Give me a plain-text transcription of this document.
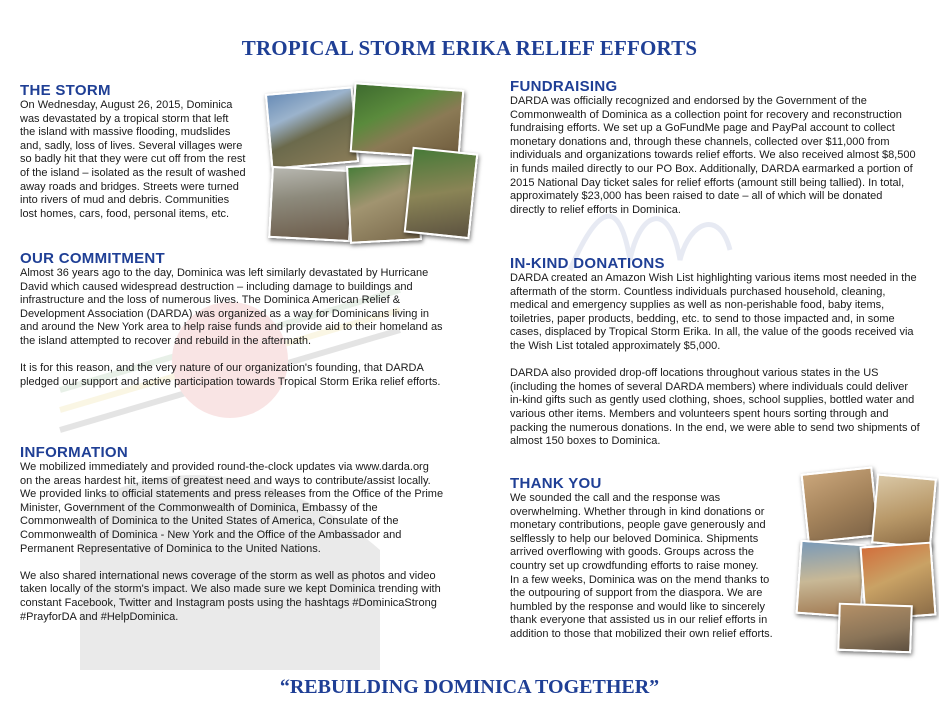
TROPICAL STORM ERIKA RELIEF EFFORTS
THE STORM
On Wednesday, August 26, 2015, Dominica
was devastated by a tropical storm that left
the island with massive flooding, mudslides
and, sadly, loss of lives. Several villages were
so badly hit that they were cut off from the rest
of the island – isolated as the result of washed
away roads and bridges. Streets were turned
into rivers of mud and debris. Communities
lost homes, cars, food, personal items, etc.
OUR COMMITMENT

Almost 36 years ago to the day, Dominica was left similarly devastated by Hurricane David which caused widespread destruction – including damage to buildings and infrastructure and the loss of numerous lives. The Dominica American Relief & Development Association (DARDA) was organized as a way for Dominicans living in and around the New York area to help raise funds and provide aid to their homeland as the island attempted to recover and rebuild in the aftermath.

It is for this reason, and the very nature of our organization's founding, that DARDA pledged our support and active participation towards Tropical Storm Erika relief efforts.

INFORMATION

We mobilized immediately and provided round-the-clock updates via www.darda.org on the areas hardest hit, items of greatest need and ways to contribute/assist locally. We provided links to official statements and press releases from the Office of the Prime Minister, Government of the Commonwealth of Dominica, Embassy of the Commonwealth of Dominica to the United States of America, Consulate of the Commonwealth of Dominica - New York and the Office of the Ambassador and Permanent Representative of Dominica to the United Nations.

We also shared international news coverage of the storm as well as photos and video taken locally of the storm's impact. We also made sure we kept Dominica trending with constant Facebook, Twitter and Instagram posts using the hashtags #DominicaStrong #PrayforDA and #HelpDominica.

FUNDRAISING

DARDA was officially recognized and endorsed by the Government of the Commonwealth of Dominica as a collection point for recovery and reconstruction fundraising efforts. We set up a GoFundMe page and PayPal account to collect monetary donations and, through these channels, collected over $11,000 from individuals and organizations towards relief efforts. We also received almost $8,500 in funds mailed directly to our PO Box. Additionally, DARDA earmarked a portion of 2015 National Day ticket sales for relief efforts (amount still being tallied). In total, approximately $23,000 has been raised to date – all of which will be donated directly to relief efforts in Dominica.

IN-KIND DONATIONS

DARDA created an Amazon Wish List highlighting various items most needed in the aftermath of the storm. Countless individuals purchased household, cleaning, medical and emergency supplies as well as non-perishable food, baby items, toiletries, paper products, bedding, etc. to send to those impacted and, in some cases, displaced by Tropical Storm Erika. In all, the value of the goods received via the Wish List totaled approximately $5,000.

DARDA also provided drop-off locations throughout various states in the US (including the homes of several DARDA members) where individuals could deliver in-kind gifts such as gently used clothing, shoes, school supplies, bottled water and various other items. Members and volunteers spent hours sorting through and packing the numerous donations. In the end, we were able to send two shipments of almost 150 boxes to Dominica.

THANK YOU
We sounded the call and the response was
overwhelming. Whether through in kind donations or
monetary contributions, people gave generously and
selflessly to help our beloved Dominica. Shipments
arrived overflowing with goods. Groups across the
country set up crowdfunding efforts to raise money.
In a few weeks, Dominica was on the mend thanks to
the outpouring of support from the diaspora. We are
humbled by the response and would like to sincerely
thank everyone that assisted us in our relief efforts in
addition to those that mobilized their own relief efforts.
“REBUILDING DOMINICA TOGETHER”
